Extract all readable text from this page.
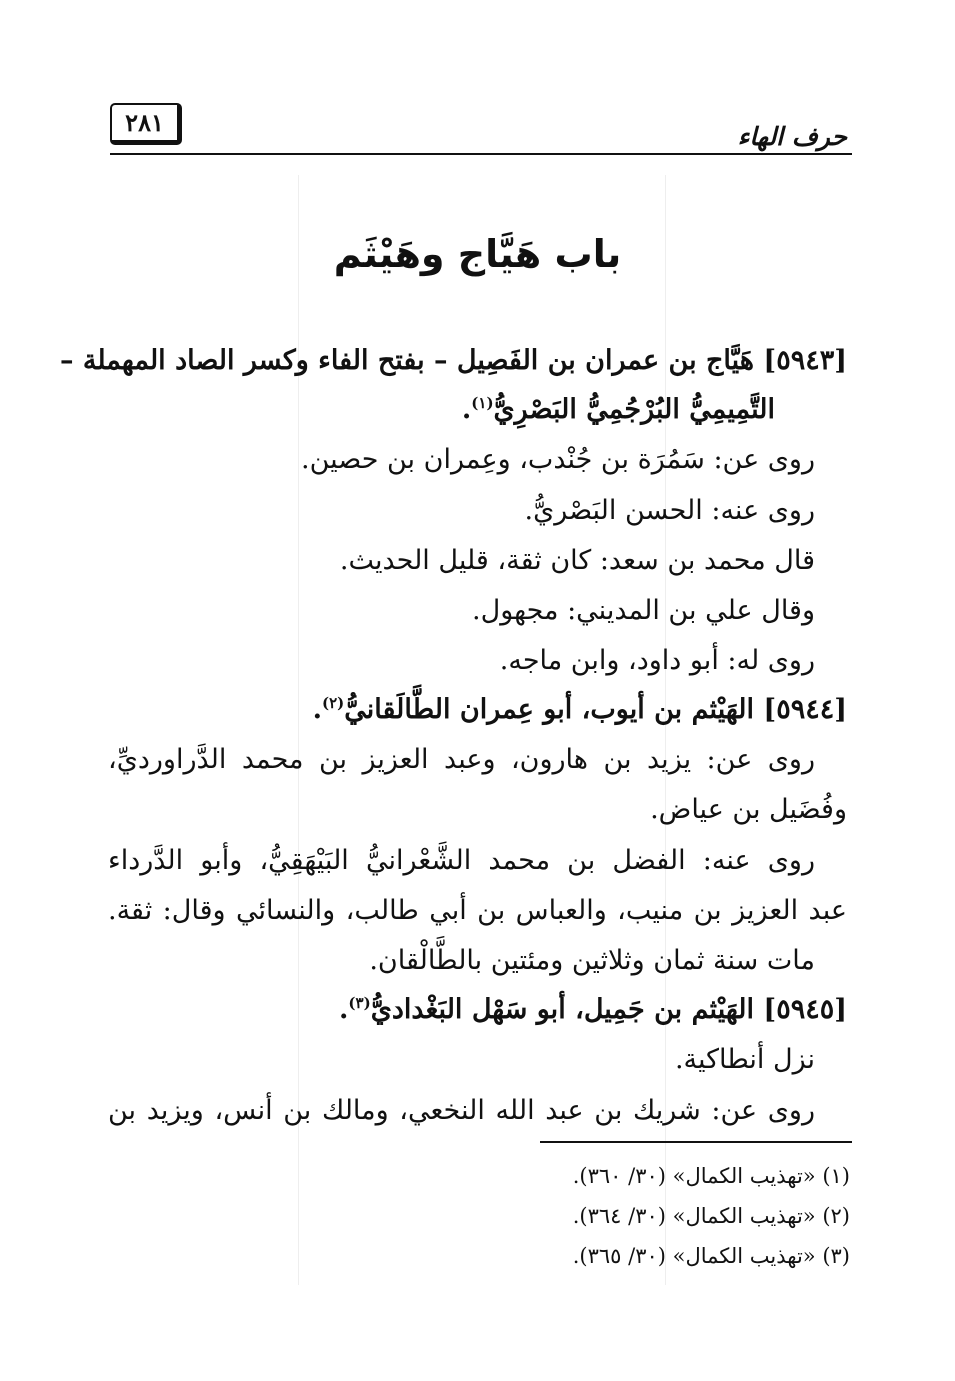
حرف الهاء
٢٨١
باب هَيَّاج وهَيْثَم
[٥٩٤٣] هَيَّاج بن عمران بن الفَصِيل – بفتح الفاء وكسر الصاد المهملة –
التَّمِيمِيُّ البُرْجُمِيُّ البَصْرِيُّ$^{(١)}$.
روى عن: سَمُرَة بن جُنْدب، وعِمران بن حصين.
روى عنه: الحسن البَصْريُّ.
قال محمد بن سعد: كان ثقة، قليل الحديث.
وقال علي بن المديني: مجهول.
روى له: أبو داود، وابن ماجه.
[٥٩٤٤] الهَيْثم بن أيوب، أبو عِمران الطَّالَقانيُّ$^{(٢)}$.
روى عن: يزيد بن هارون، وعبد العزيز بن محمد الدَّراورديِّ،
وفُضَيل بن عياض.
روى عنه: الفضل بن محمد الشَّعْرانيُّ البَيْهَقِيُّ، وأبو الدَّرداء
عبد العزيز بن منيب، والعباس بن أبي طالب، والنسائي وقال: ثقة.
مات سنة ثمان وثلاثين ومئتين بالطَّالْقان.
[٥٩٤٥] الهَيْثم بن جَمِيل، أبو سَهْل البَغْداديُّ$^{(٣)}$.
نزل أنطاكية.
روى عن: شريك بن عبد الله النخعي، ومالك بن أنس، ويزيد بن
(١) «تهذيب الكمال» (٣٠/ ٣٦٠).
(٢) «تهذيب الكمال» (٣٠/ ٣٦٤).
(٣) «تهذيب الكمال» (٣٠/ ٣٦٥).
